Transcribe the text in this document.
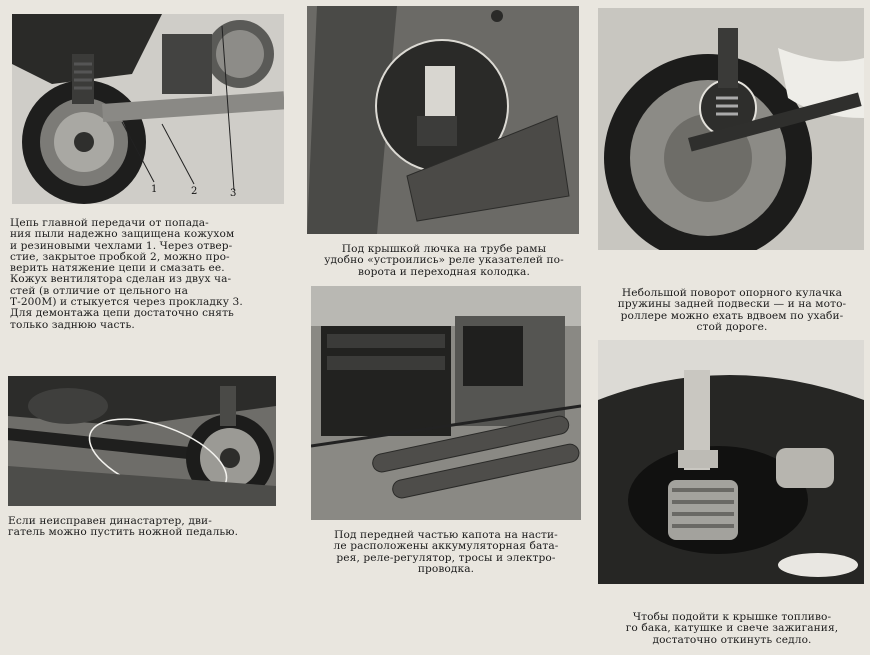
1	2	3

Цепь главной передачи от попада-
ния пыли надежно защищена кожухом
и резиновыми чехлами 1. Через отвер-
стие, закрытое пробкой 2, можно про-
верить натяжение цепи и смазать ее.
Кожух вентилятора сделан из двух ча-
стей (в отличие от цельного на
Т-200М) и стыкуется через прокладку 3.
Для демонтажа цепи достаточно снять
только заднюю часть.

Если неисправен династартер, дви-
гатель можно пустить ножной педалью.

Под крышкой лючка на трубе рамы
удобно «устроились» реле указателей по-
ворота и переходная колодка.

Под передней частью капота на насти-
ле расположены аккумуляторная бата-
рея, реле-регулятор, тросы и электро-
проводка.

Небольшой поворот опорного кулачка
пружины задней подвески — и на мото-
роллере можно ехать вдвоем по ухаби-
стой дороге.

Чтобы подойти к крышке топливо-
го бака, катушке и свече зажигания,
достаточно откинуть седло.
